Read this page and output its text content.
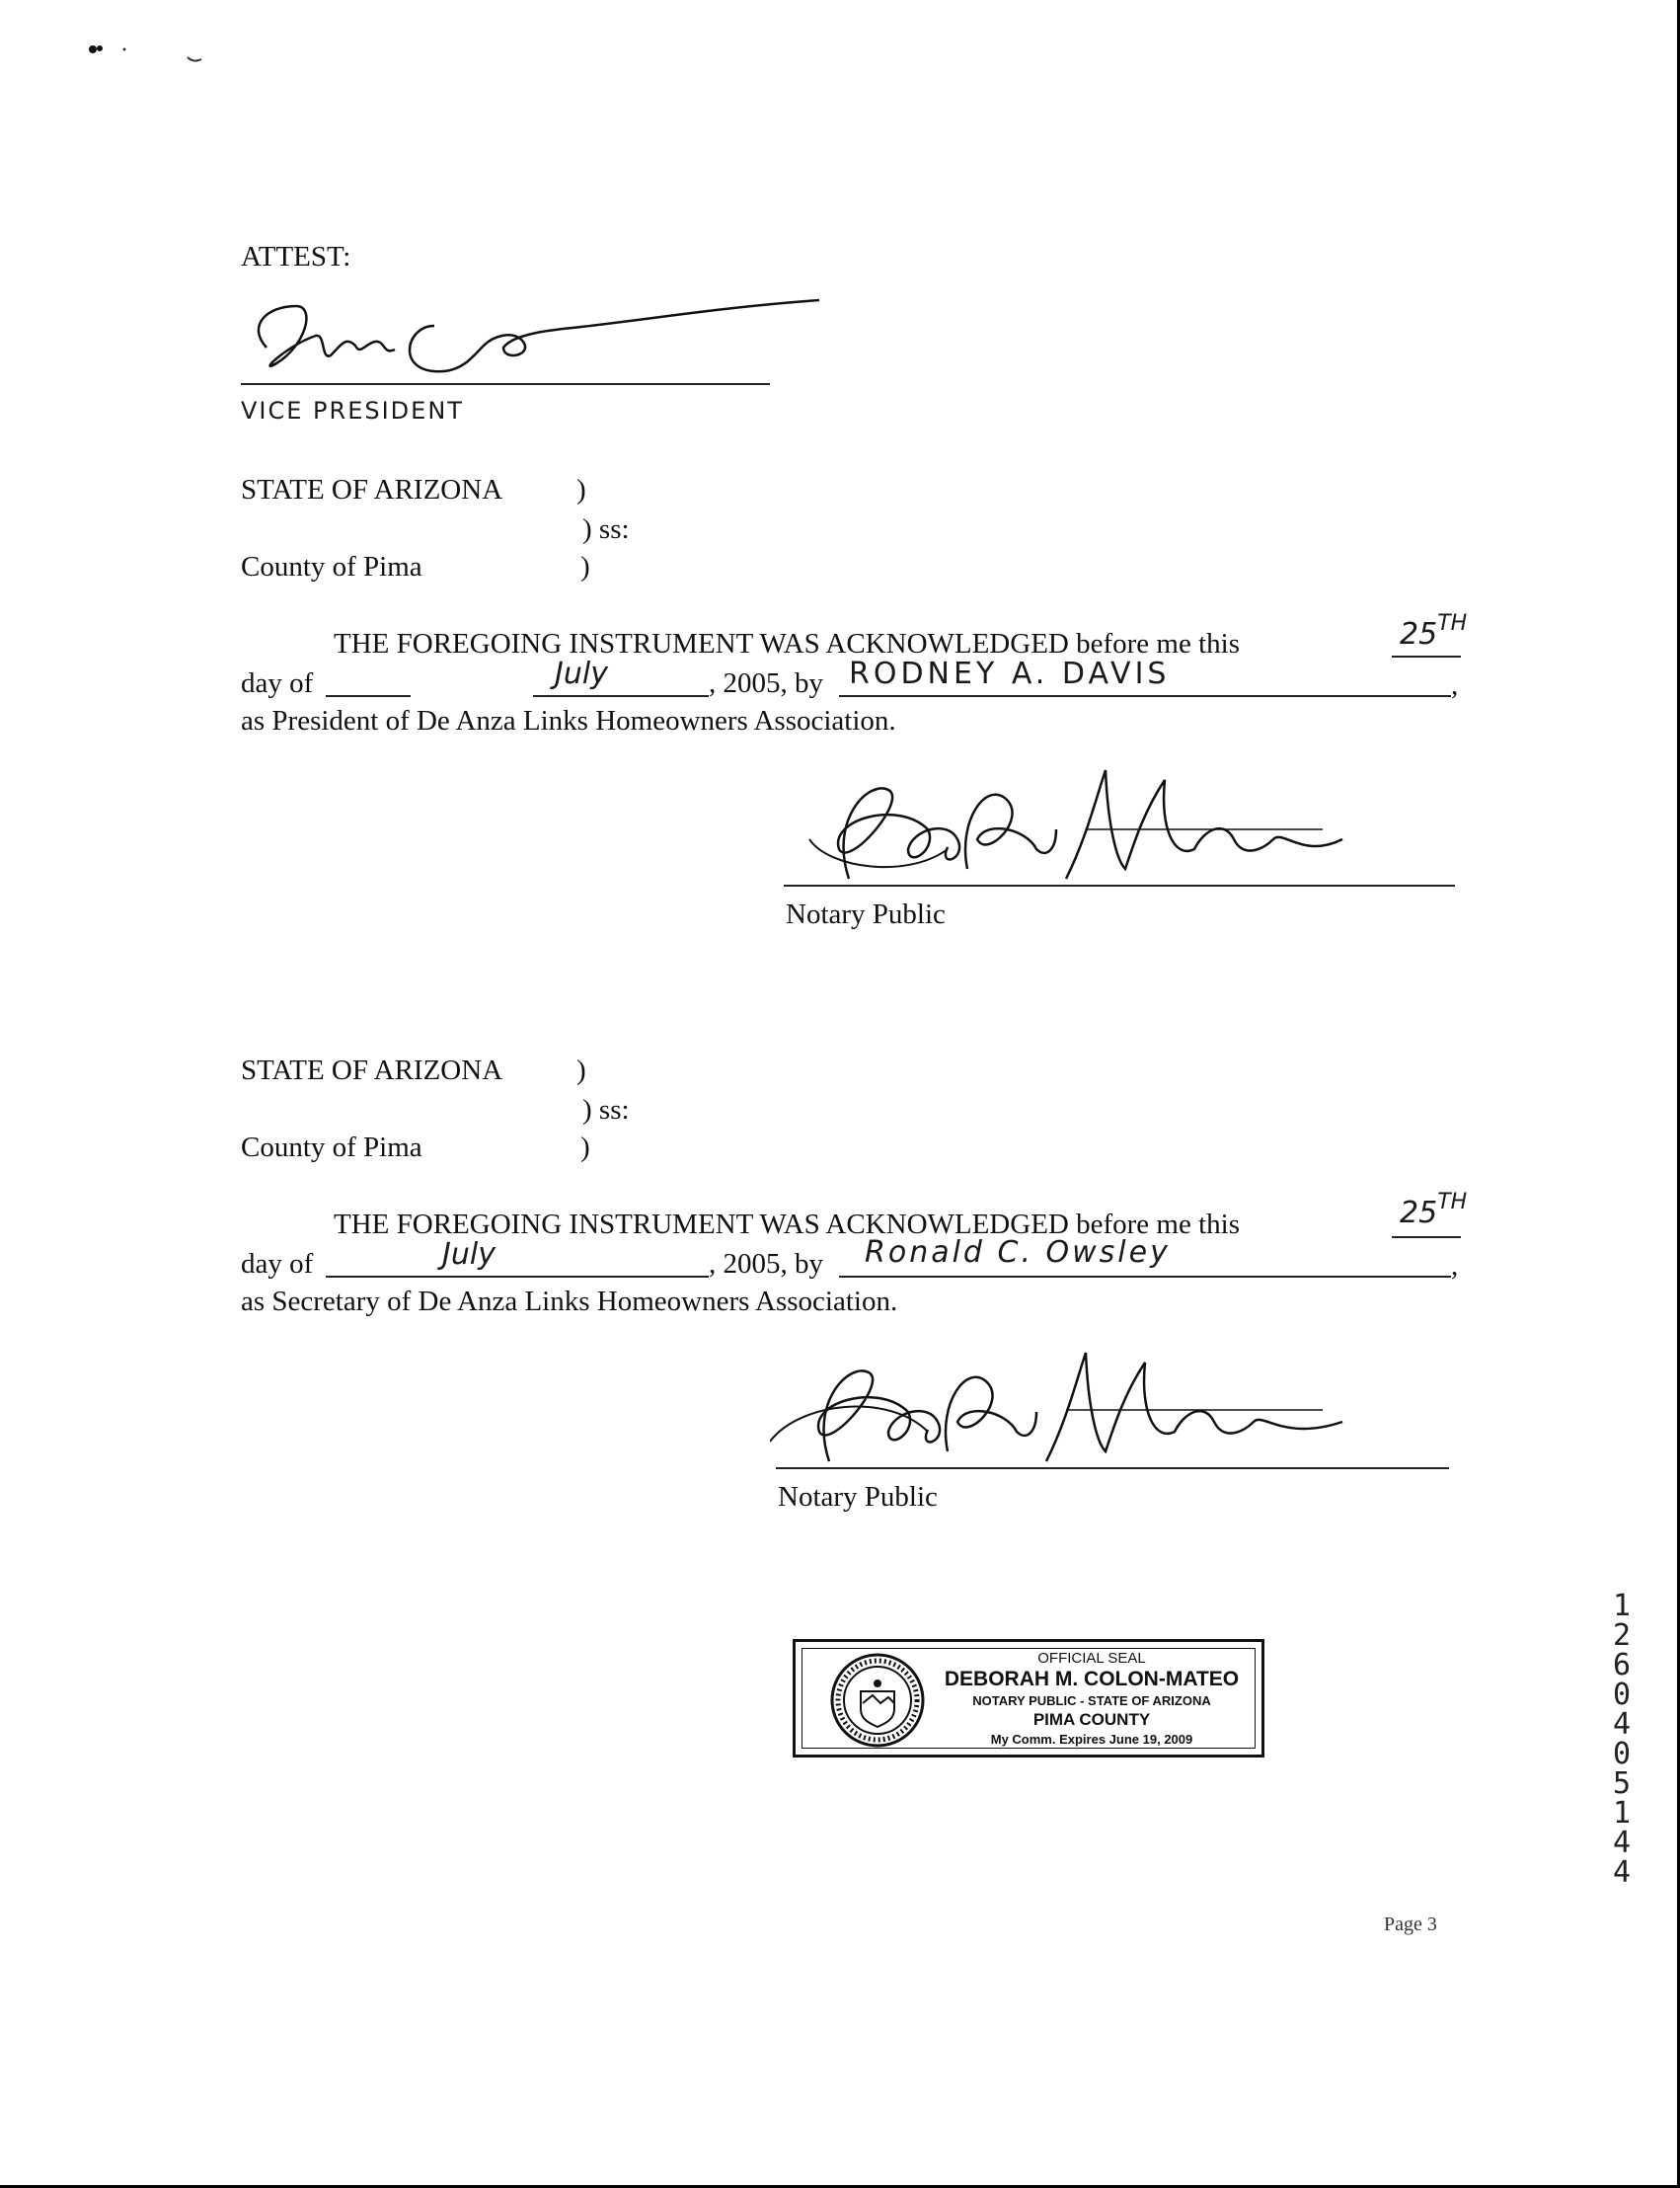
ATTEST:
VICE PRESIDENT
STATE OF ARIZONA	)
) ss:
County of Pima	)
THE FOREGOING INSTRUMENT WAS ACKNOWLEDGED before me this	25TH
day of	July	, 2005, by RODNEY A. DAVIS	,
as President of De Anza Links Homeowners Association.
Notary Public
STATE OF ARIZONA	)
) ss:
County of Pima	)
THE FOREGOING INSTRUMENT WAS ACKNOWLEDGED before me this	25TH
day of	July	, 2005, by Ronald C. Owsley	,
as Secretary of De Anza Links Homeowners Association.
Notary Public
OFFICIAL SEAL
DEBORAH M. COLON-MATEO
NOTARY PUBLIC - STATE OF ARIZONA
PIMA COUNTY
My Comm. Expires June 19, 2009
1
2
6
0
4
0
5
1
4
4
Page 3
